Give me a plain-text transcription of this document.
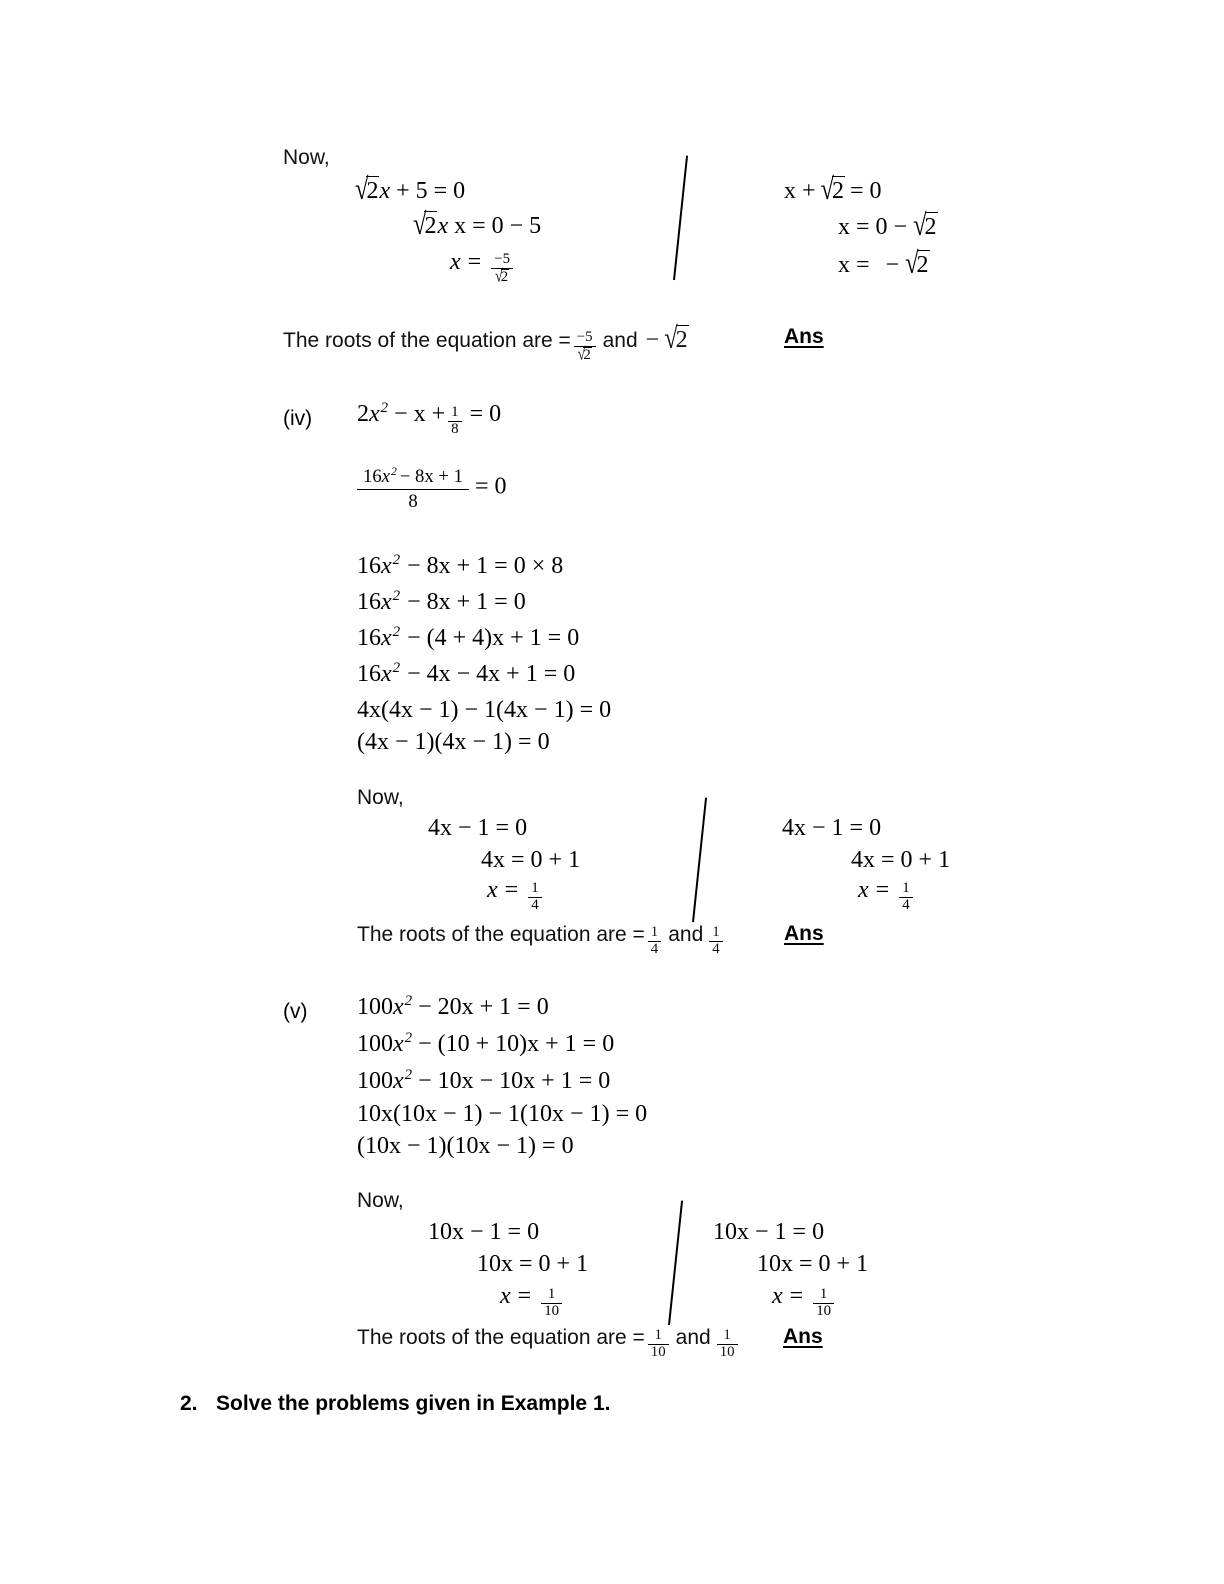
Now,
√2x + 5 = 0
√2x x = 0 − 5
$x = \frac{-5}{√2}$
x + √2 = 0
x = 0 − √2
x = − √2
The roots of the equation are = $\frac{-5}{√2}$ and − √2	Ans
(iv) $2x^2 - x + \frac{1}{8} = 0$
$\frac{16x^2 - 8x + 1}{8} = 0$
$16x^2 - 8x + 1 = 0 \times 8$
$16x^2 - 8x + 1 = 0$
$16x^2 - (4 + 4)x + 1 = 0$
$16x^2 - 4x - 4x + 1 = 0$
4x(4x − 1) − 1(4x − 1) = 0
(4x − 1)(4x − 1) = 0
Now,
4x − 1 = 0
4x = 0 + 1
$x = \frac{1}{4}$
4x − 1 = 0
4x = 0 + 1
$x = \frac{1}{4}$
The roots of the equation are = $\frac{1}{4}$ and $\frac{1}{4}$	Ans
(v) $100x^2 - 20x + 1 = 0$
$100x^2 - (10 + 10)x + 1 = 0$
$100x^2 - 10x - 10x + 1 = 0$
10x(10x − 1) − 1(10x − 1) = 0
(10x − 1)(10x − 1) = 0
Now,
10x − 1 = 0
10x = 0 + 1
$x = \frac{1}{10}$
10x − 1 = 0
10x = 0 + 1
$x = \frac{1}{10}$
The roots of the equation are = $\frac{1}{10}$ and $\frac{1}{10}$ Ans
2. Solve the problems given in Example 1.
